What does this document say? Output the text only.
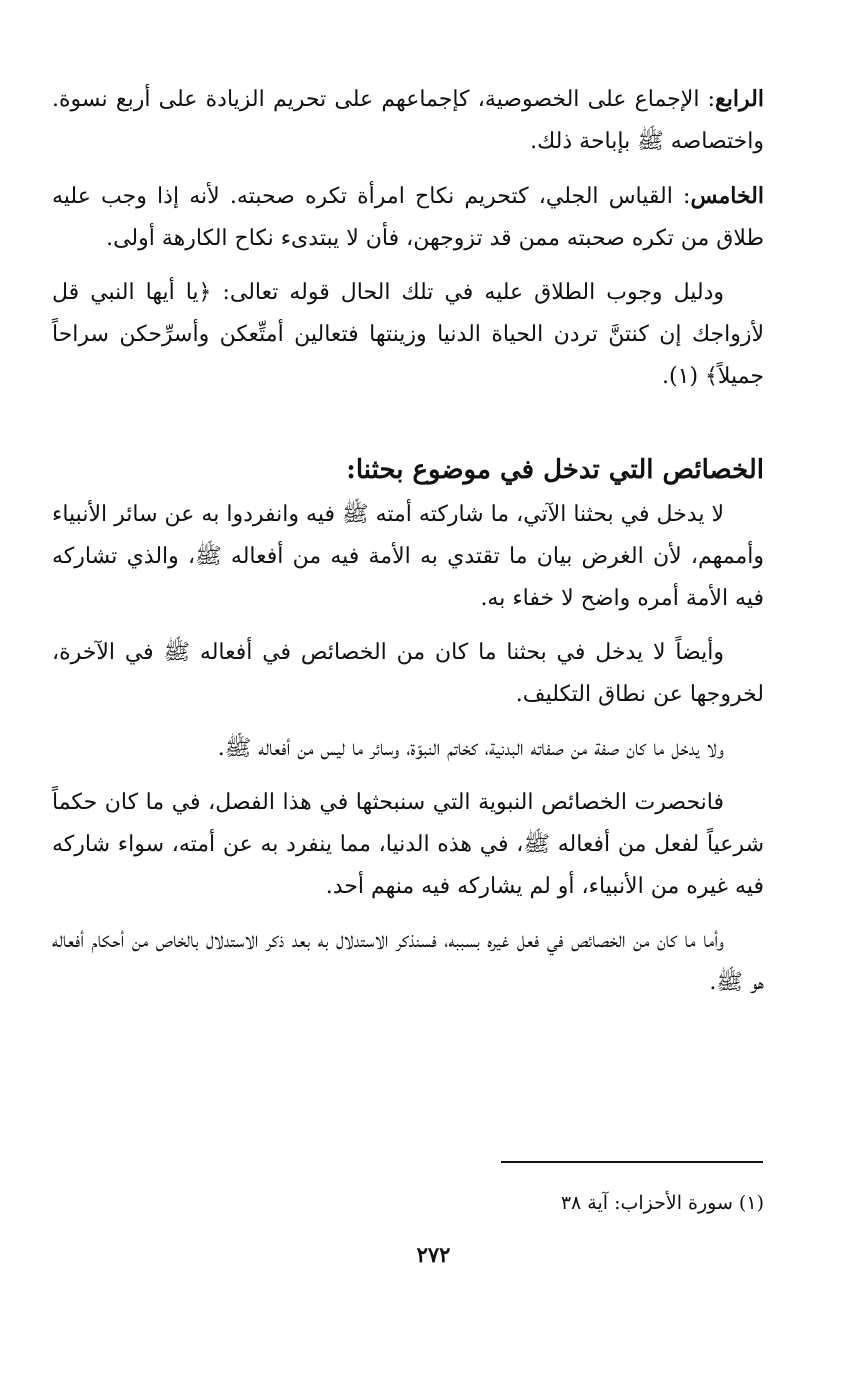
الرابع: الإجماع على الخصوصية، كإجماعهم على تحريم الزيادة على أربع نسوة. واختصاصه ﷺ بإباحة ذلك.

الخامس: القياس الجلي، كتحريم نكاح امرأة تكره صحبته. لأنه إذا وجب عليه طلاق من تكره صحبته ممن قد تزوجهن، فأن لا يبتدىء نكاح الكارهة أولى.

ودليل وجوب الطلاق عليه في تلك الحال قوله تعالى: ﴿يا أيها النبي قل لأزواجك إن كنتنَّ تردن الحياة الدنيا وزينتها فتعالين أمتِّعكن وأسرِّحكن سراحاً جميلاً﴾ (١).

الخصائص التي تدخل في موضوع بحثنا:

لا يدخل في بحثنا الآتي، ما شاركته أمته ﷺ فيه وانفردوا به عن سائر الأنبياء وأممهم، لأن الغرض بيان ما تقتدي به الأمة فيه من أفعاله ﷺ، والذي تشاركه فيه الأمة أمره واضح لا خفاء به.

وأيضاً لا يدخل في بحثنا ما كان من الخصائص في أفعاله ﷺ في الآخرة، لخروجها عن نطاق التكليف.

ولا يدخل ما كان صفة من صفاته البدنية، كخاتم النبوّة، وسائر ما ليس من أفعاله ﷺ.

فانحصرت الخصائص النبوية التي سنبحثها في هذا الفصل، في ما كان حكماً شرعياً لفعل من أفعاله ﷺ، في هذه الدنيا، مما ينفرد به عن أمته، سواء شاركه فيه غيره من الأنبياء، أو لم يشاركه فيه منهم أحد.

وأما ما كان من الخصائص في فعل غيره بسببه، فسنذكر الاستدلال به بعد ذكر الاستدلال بالخاص من أحكام أفعاله هو ﷺ.

(١) سورة الأحزاب: آية ٣٨
٢٧٢
